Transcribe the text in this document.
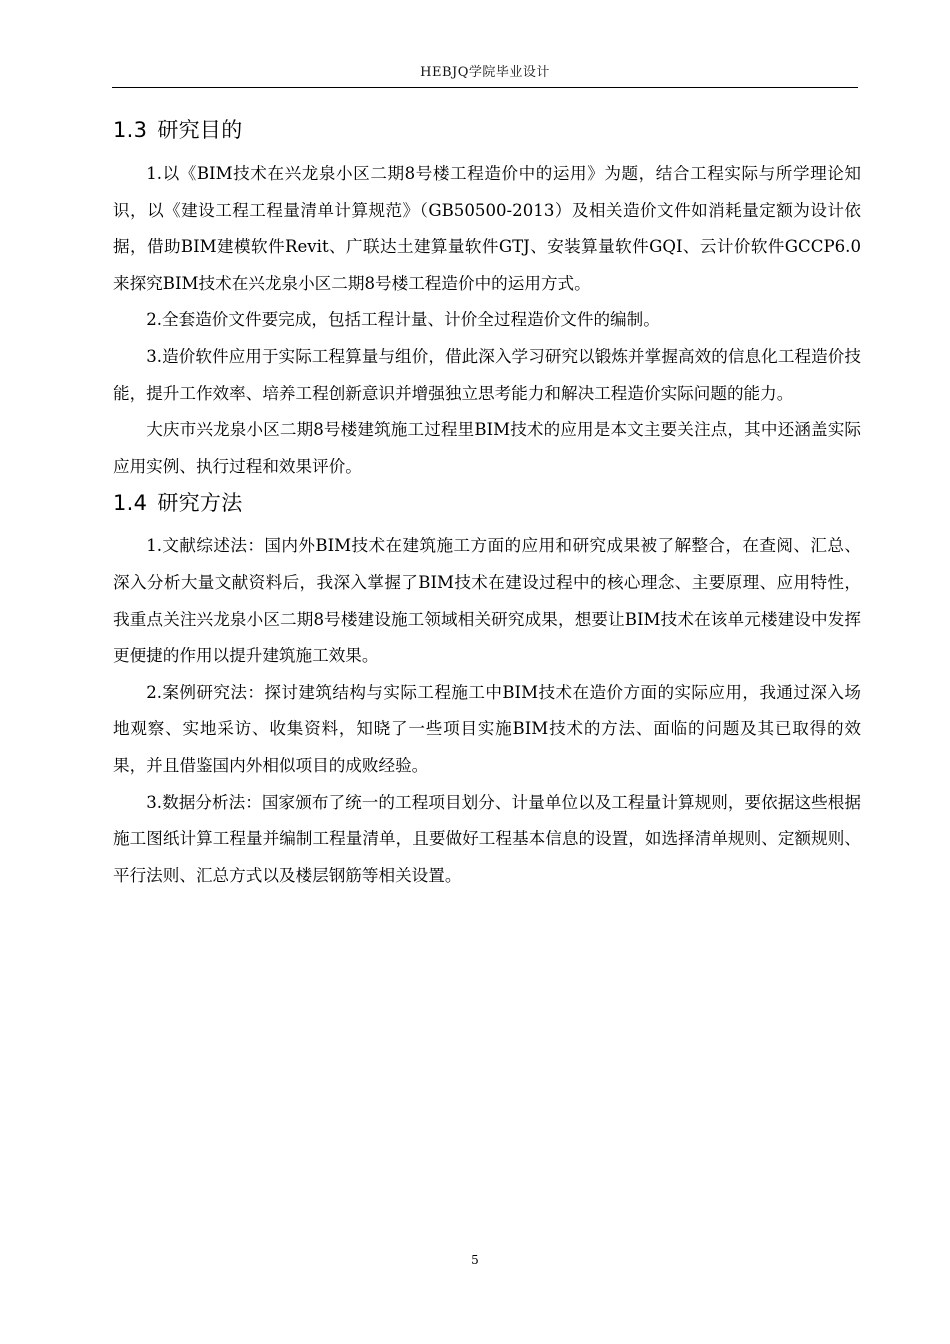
HEBJQ学院毕业设计
1.3 研究目的

1.以《BIM技术在兴龙泉小区二期8号楼工程造价中的运用》为题，结合工程实际与所学理论知识，以《建设工程工程量清单计算规范》（GB50500-2013）及相关造价文件如消耗量定额为设计依据，借助BIM建模软件Revit、广联达土建算量软件GTJ、安装算量软件GQI、云计价软件GCCP6.0来探究BIM技术在兴龙泉小区二期8号楼工程造价中的运用方式。

2.全套造价文件要完成，包括工程计量、计价全过程造价文件的编制。

3.造价软件应用于实际工程算量与组价，借此深入学习研究以锻炼并掌握高效的信息化工程造价技能，提升工作效率、培养工程创新意识并增强独立思考能力和解决工程造价实际问题的能力。

大庆市兴龙泉小区二期8号楼建筑施工过程里BIM技术的应用是本文主要关注点，其中还涵盖实际应用实例、执行过程和效果评价。

1.4 研究方法

1.文献综述法：国内外BIM技术在建筑施工方面的应用和研究成果被了解整合，在查阅、汇总、深入分析大量文献资料后，我深入掌握了BIM技术在建设过程中的核心理念、主要原理、应用特性，我重点关注兴龙泉小区二期8号楼建设施工领域相关研究成果，想要让BIM技术在该单元楼建设中发挥更便捷的作用以提升建筑施工效果。

2.案例研究法：探讨建筑结构与实际工程施工中BIM技术在造价方面的实际应用，我通过深入场地观察、实地采访、收集资料，知晓了一些项目实施BIM技术的方法、面临的问题及其已取得的效果，并且借鉴国内外相似项目的成败经验。

3.数据分析法：国家颁布了统一的工程项目划分、计量单位以及工程量计算规则，要依据这些根据施工图纸计算工程量并编制工程量清单，且要做好工程基本信息的设置，如选择清单规则、定额规则、平行法则、汇总方式以及楼层钢筋等相关设置。

5
